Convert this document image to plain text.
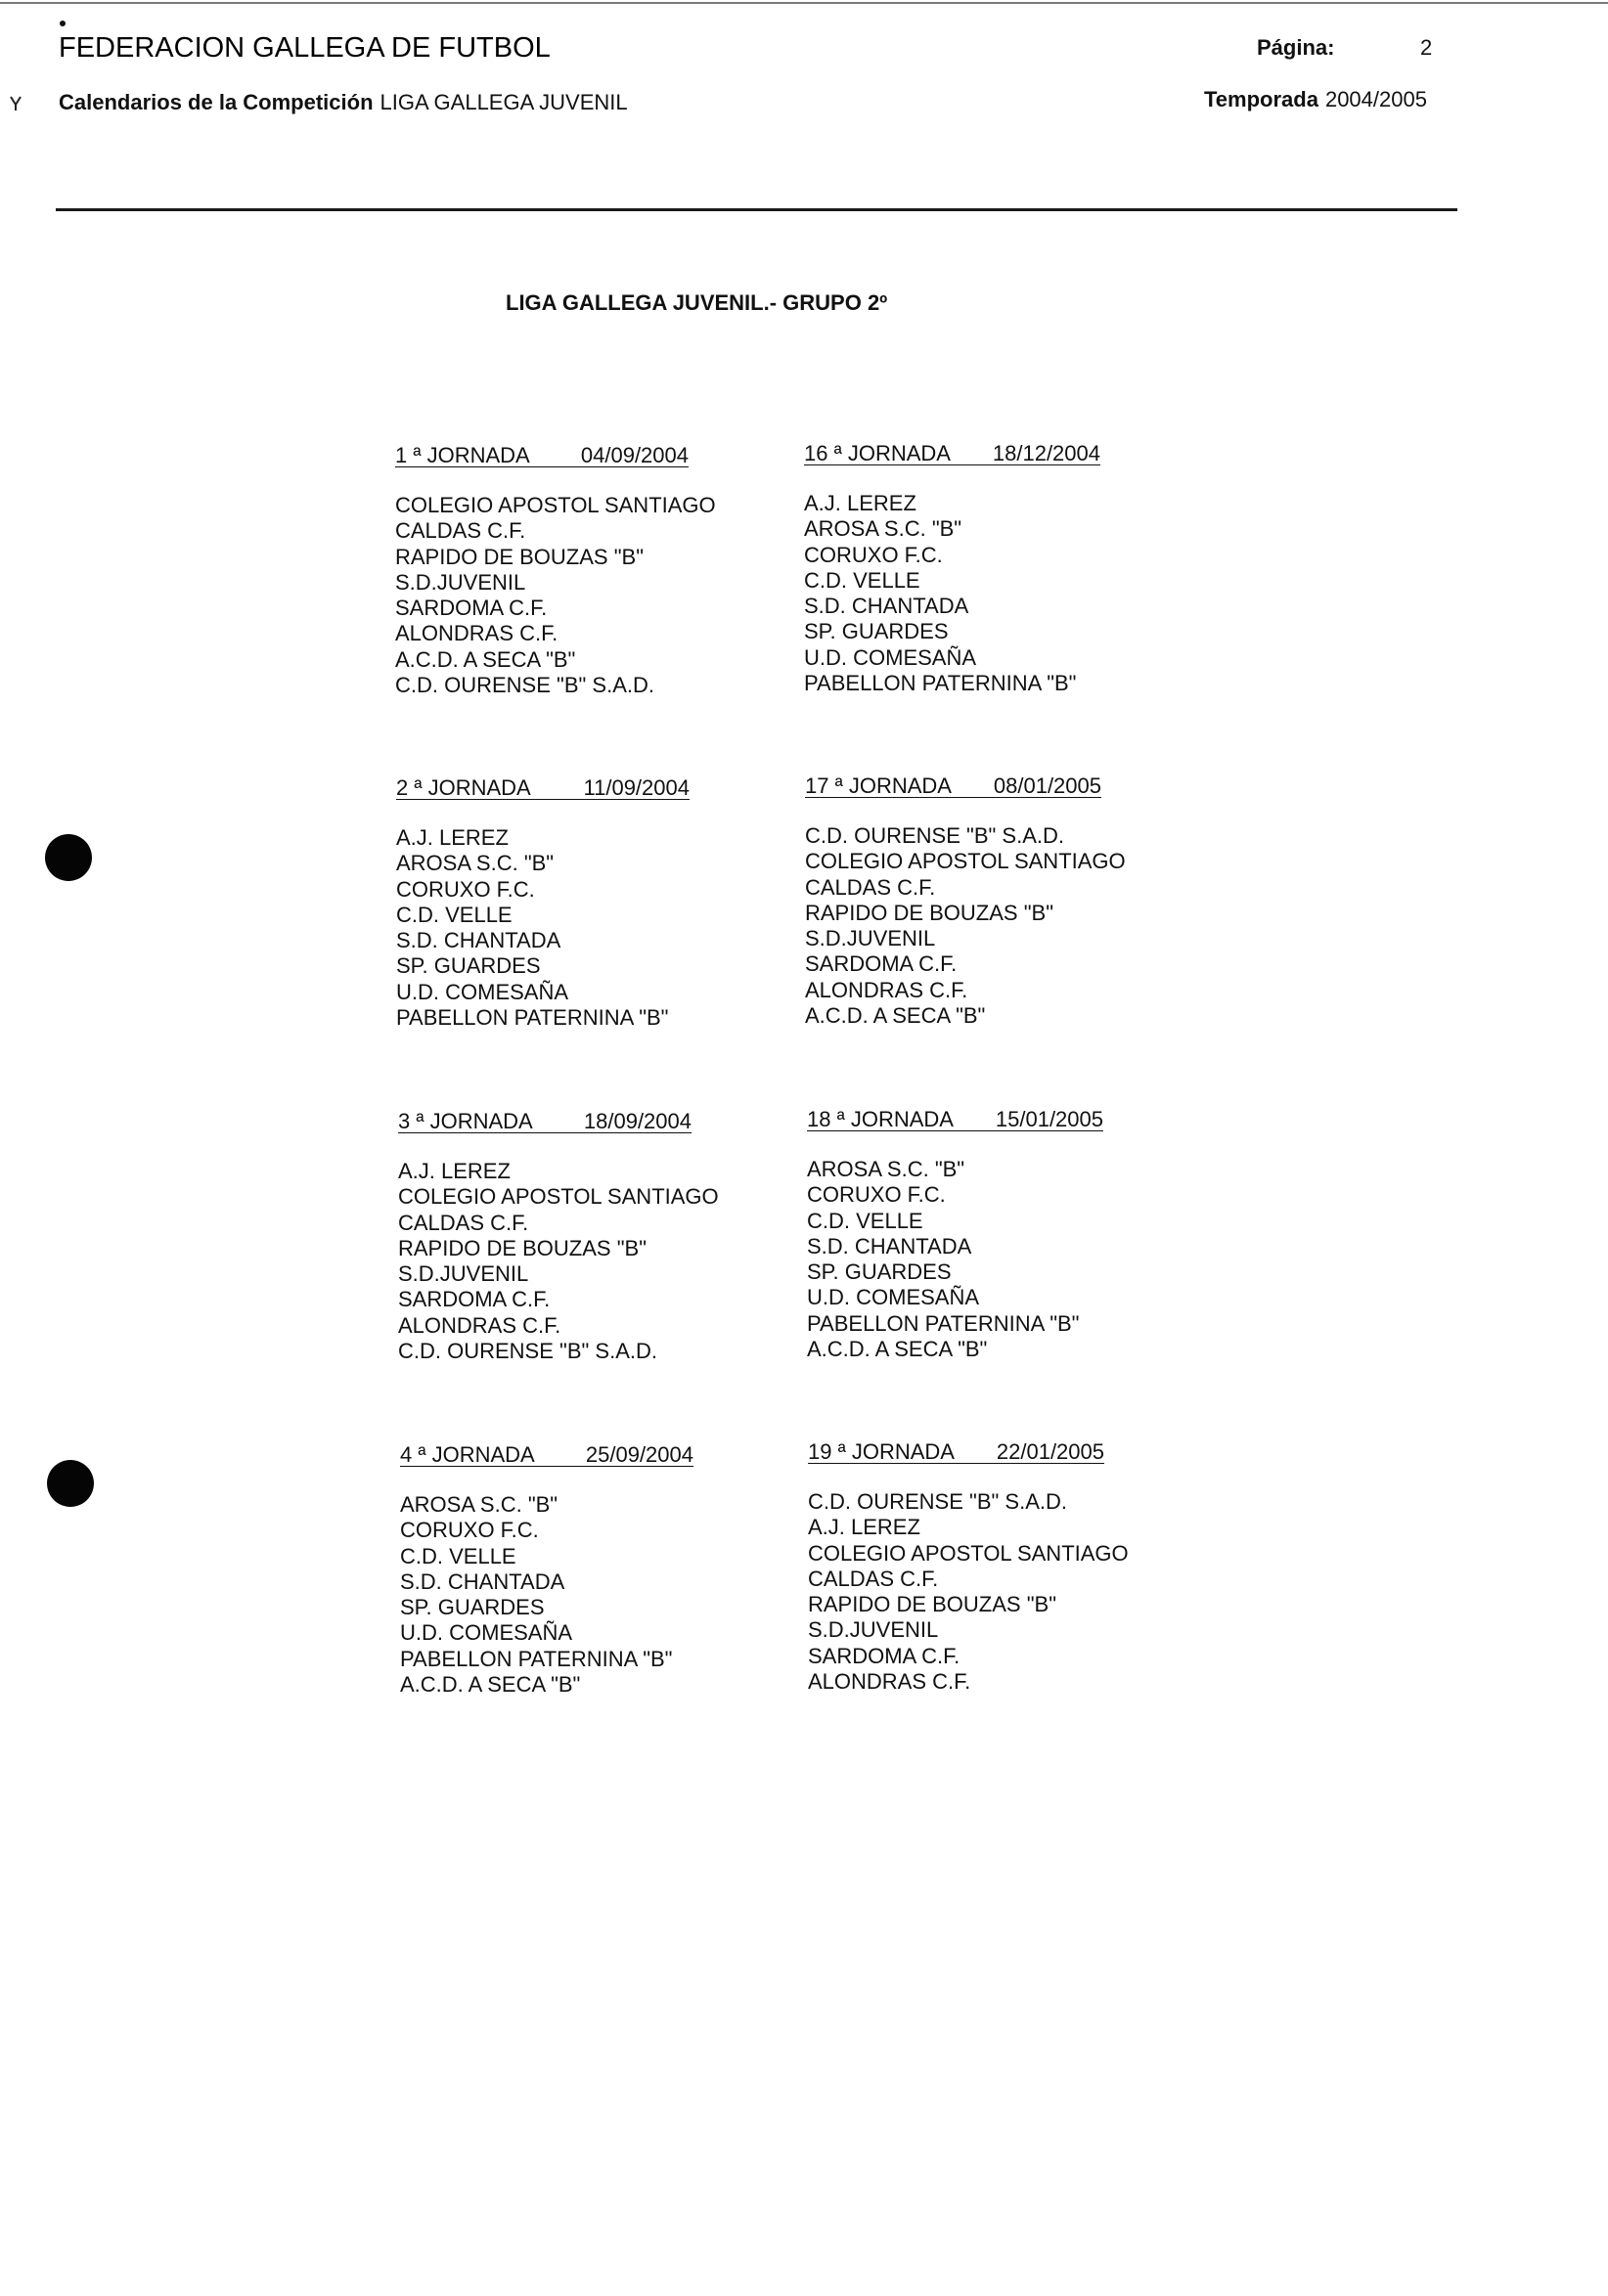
FEDERACION GALLEGA DE FUTBOL	Página:	2
Calendarios de la Competición LIGA GALLEGA JUVENIL	Temporada 2004/2005
LIGA GALLEGA JUVENIL.- GRUPO 2º
1 ª JORNADA 04/09/2004
COLEGIO APOSTOL SANTIAGO
CALDAS C.F.
RAPIDO DE BOUZAS "B"
S.D.JUVENIL
SARDOMA C.F.
ALONDRAS C.F.
A.C.D. A SECA "B"
C.D. OURENSE "B" S.A.D.
16 ª JORNADA 18/12/2004
A.J. LEREZ
AROSA S.C. "B"
CORUXO F.C.
C.D. VELLE
S.D. CHANTADA
SP. GUARDES
U.D. COMESAÑA
PABELLON PATERNINA "B"
2 ª JORNADA 11/09/2004
A.J. LEREZ
AROSA S.C. "B"
CORUXO F.C.
C.D. VELLE
S.D. CHANTADA
SP. GUARDES
U.D. COMESAÑA
PABELLON PATERNINA "B"
17 ª JORNADA 08/01/2005
C.D. OURENSE "B" S.A.D.
COLEGIO APOSTOL SANTIAGO
CALDAS C.F.
RAPIDO DE BOUZAS "B"
S.D.JUVENIL
SARDOMA C.F.
ALONDRAS C.F.
A.C.D. A SECA "B"
3 ª JORNADA 18/09/2004
A.J. LEREZ
COLEGIO APOSTOL SANTIAGO
CALDAS C.F.
RAPIDO DE BOUZAS "B"
S.D.JUVENIL
SARDOMA C.F.
ALONDRAS C.F.
C.D. OURENSE "B" S.A.D.
18 ª JORNADA 15/01/2005
AROSA S.C. "B"
CORUXO F.C.
C.D. VELLE
S.D. CHANTADA
SP. GUARDES
U.D. COMESAÑA
PABELLON PATERNINA "B"
A.C.D. A SECA "B"
4 ª JORNADA 25/09/2004
AROSA S.C. "B"
CORUXO F.C.
C.D. VELLE
S.D. CHANTADA
SP. GUARDES
U.D. COMESAÑA
PABELLON PATERNINA "B"
A.C.D. A SECA "B"
19 ª JORNADA 22/01/2005
C.D. OURENSE "B" S.A.D.
A.J. LEREZ
COLEGIO APOSTOL SANTIAGO
CALDAS C.F.
RAPIDO DE BOUZAS "B"
S.D.JUVENIL
SARDOMA C.F.
ALONDRAS C.F.
